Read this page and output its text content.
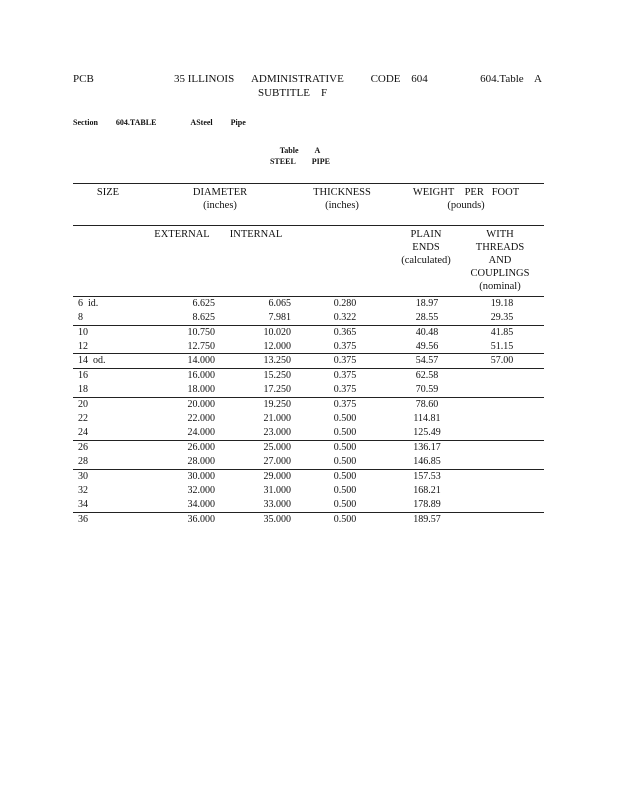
PCB	35 ILLINOIS ADMINISTRATIVE CODE 604
SUBTITLE    F
604.Table    A
Section 604.TABLE	ASteel Pipe
Table A
STEEL PIPE
SIZE	DIAMETER
(inches)
THICKNESS
(inches)
WEIGHT    PER   FOOT
(pounds)
EXTERNAL	INTERNAL	PLAIN
ENDS
(calculated)
WITH
THREADS
AND
COUPLINGS
(nominal)
6  id.	6.625	6.065	0.280	18.97	19.18
8	8.625	7.981	0.322	28.55	29.35
10	10.750	10.020	0.365	40.48	41.85
12	12.750	12.000	0.375	49.56	51.15
14  od.	14.000	13.250	0.375	54.57	57.00
16	16.000	15.250	0.375	62.58
18	18.000	17.250	0.375	70.59
20	20.000	19.250	0.375	78.60
22	22.000	21.000	0.500	114.81
24	24.000	23.000	0.500	125.49
26	26.000	25.000	0.500	136.17
28	28.000	27.000	0.500	146.85
30	30.000	29.000	0.500	157.53
32	32.000	31.000	0.500	168.21
34	34.000	33.000	0.500	178.89
36	36.000	35.000	0.500	189.57
